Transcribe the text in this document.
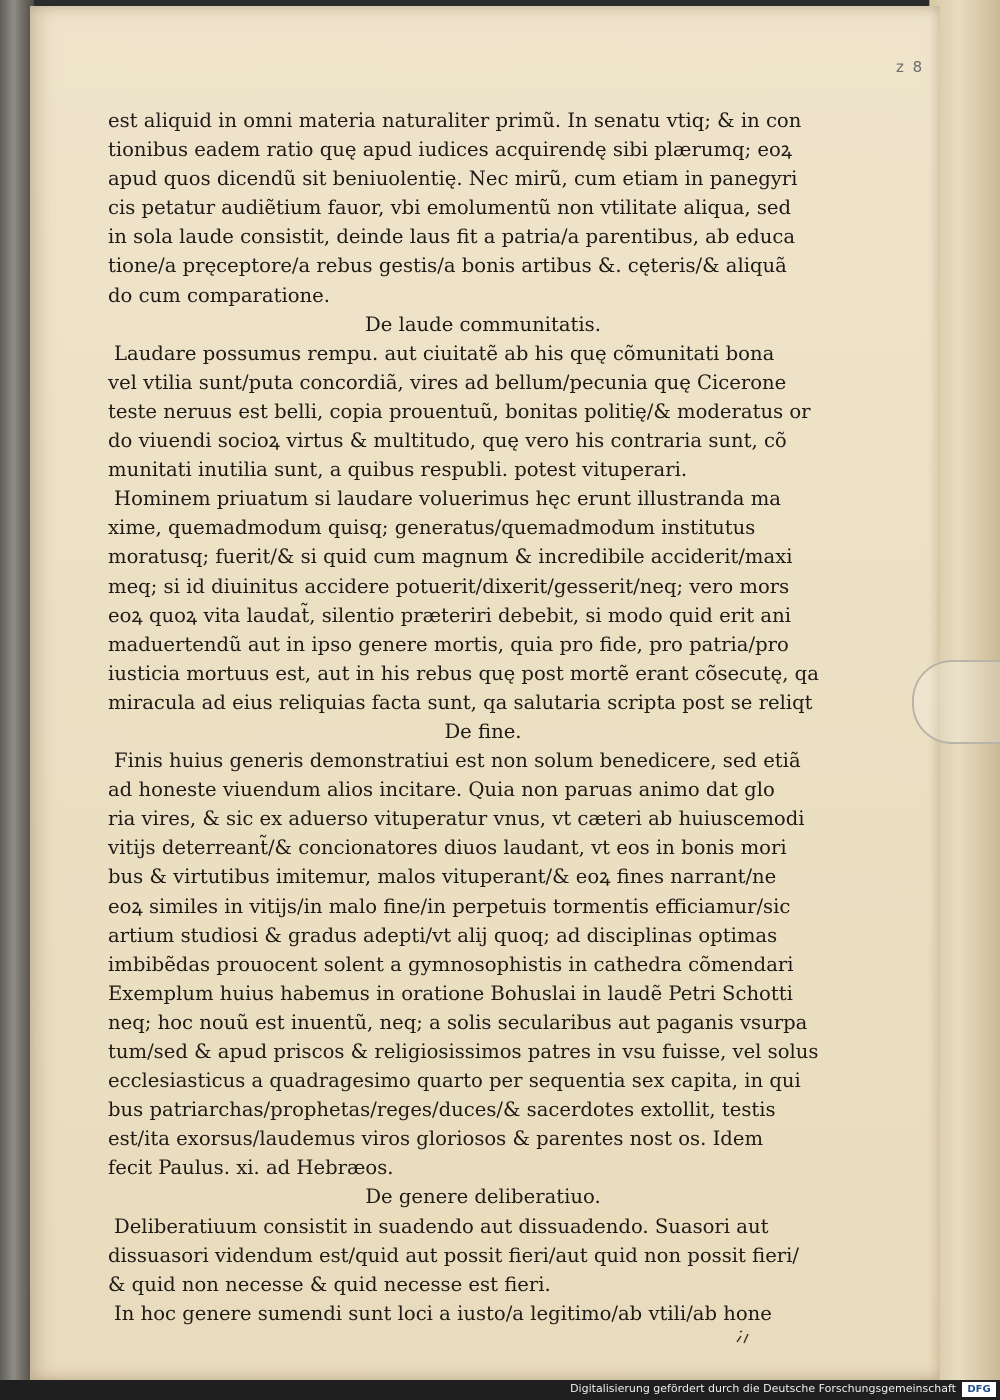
z 8
est aliquid in omni materia naturaliter primũ. In senatu vtiq; & in con
tionibus eadem ratio quę apud iudices acquirendę sibi plærumq; eoꝝ
apud quos dicendũ sit beniuolentię. Nec mirũ, cum etiam in panegyri
cis petatur audiẽtium fauor, vbi emolumentũ non vtilitate aliqua, sed
in sola laude consistit, deinde laus fit a patria/a parentibus, ab educa
tione/a pręceptore/a rebus gestis/a bonis artibus &. cęteris/& aliquã
do cum comparatione.
De laude communitatis.
Laudare possumus rempu. aut ciuitatẽ ab his quę cõmunitati bona
vel vtilia sunt/puta concordiã, vires ad bellum/pecunia quę Cicerone
teste neruus est belli, copia prouentuũ, bonitas politię/& moderatus or
do viuendi socioꝝ virtus & multitudo, quę vero his contraria sunt, cõ
munitati inutilia sunt, a quibus respubli. potest vituperari.
Hominem priuatum si laudare voluerimus hęc erunt illustranda ma
xime, quemadmodum quisq; generatus/quemadmodum institutus
moratusq; fuerit/& si quid cum magnum & incredibile acciderit/maxi
meq; si id diuinitus accidere potuerit/dixerit/gesserit/neq; vero mors
eoꝝ quoꝝ vita laudat̃, silentio præteriri debebit, si modo quid erit ani
maduertendũ aut in ipso genere mortis, quia pro fide, pro patria/pro
iusticia mortuus est, aut in his rebus quę post mortẽ erant cõsecutę, qa
miracula ad eius reliquias facta sunt, qa salutaria scripta post se reliqt
De fine.
Finis huius generis demonstratiui est non solum benedicere, sed etiã
ad honeste viuendum alios incitare. Quia non paruas animo dat glo
ria vires, & sic ex aduerso vituperatur vnus, vt cæteri ab huiuscemodi
vitijs deterreant̃/& concionatores diuos laudant, vt eos in bonis mori
bus & virtutibus imitemur, malos vituperant/& eoꝝ fines narrant/ne
eoꝝ similes in vitijs/in malo fine/in perpetuis tormentis efficiamur/sic
artium studiosi & gradus adepti/vt alij quoq; ad disciplinas optimas
imbibẽdas prouocent solent a gymnosophistis in cathedra cõmendari
Exemplum huius habemus in oratione Bohuslai in laudẽ Petri Schotti
neq; hoc nouũ est inuentũ, neq; a solis secularibus aut paganis vsurpa
tum/sed & apud priscos & religiosissimos patres in vsu fuisse, vel solus
ecclesiasticus a quadragesimo quarto per sequentia sex capita, in qui
bus patriarchas/prophetas/reges/duces/& sacerdotes extollit, testis
est/ita exorsus/laudemus viros gloriosos & parentes nost os. Idem
fecit Paulus. xi. ad Hebræos.
De genere deliberatiuo.
Deliberatiuum consistit in suadendo aut dissuadendo. Suasori aut
dissuasori videndum est/quid aut possit fieri/aut quid non possit fieri/
& quid non necesse & quid necesse est fieri.
In hoc genere sumendi sunt loci a iusto/a legitimo/ab vtili/ab hone
Digitalisierung gefördert durch die Deutsche Forschungsgemeinschaft	DFG
